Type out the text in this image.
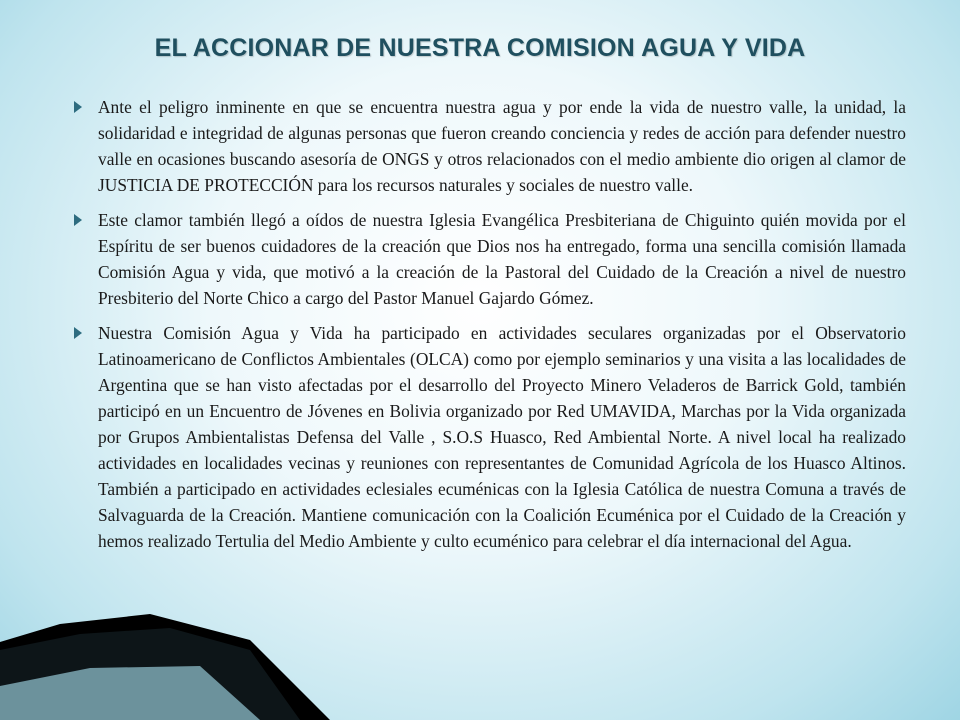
EL ACCIONAR DE NUESTRA COMISION AGUA Y VIDA
Ante el peligro inminente en que se encuentra nuestra agua y por ende la vida de nuestro valle, la unidad, la solidaridad e integridad de algunas personas que fueron creando conciencia y redes de acción para defender nuestro valle en ocasiones buscando asesoría de ONGS y otros relacionados con el medio ambiente dio origen al clamor de JUSTICIA DE PROTECCIÓN para los recursos naturales y sociales de nuestro valle.
Este clamor también llegó a oídos de nuestra Iglesia Evangélica Presbiteriana de Chiguinto quién movida por el Espíritu de ser buenos cuidadores de la creación que Dios nos ha entregado, forma una sencilla comisión llamada Comisión Agua y vida, que motivó a la creación de la Pastoral del Cuidado de la Creación a nivel de nuestro Presbiterio del Norte Chico a cargo del Pastor Manuel Gajardo Gómez.
Nuestra Comisión Agua y Vida ha participado en actividades seculares organizadas por el Observatorio Latinoamericano de Conflictos Ambientales (OLCA) como por ejemplo seminarios y una visita a las localidades de Argentina que se han visto afectadas por el desarrollo del Proyecto Minero Veladeros de Barrick Gold, también participó en un Encuentro de Jóvenes en Bolivia organizado por Red UMAVIDA, Marchas por la Vida organizada por Grupos Ambientalistas Defensa del Valle , S.O.S Huasco, Red Ambiental Norte. A nivel local ha realizado actividades en localidades vecinas y reuniones con representantes de Comunidad Agrícola de los Huasco Altinos. También a participado en actividades eclesiales ecuménicas con la Iglesia Católica de nuestra Comuna a través de Salvaguarda de la Creación. Mantiene comunicación con la Coalición Ecuménica por el Cuidado de la Creación y hemos realizado Tertulia del Medio Ambiente y culto ecuménico para celebrar el día internacional del Agua.
